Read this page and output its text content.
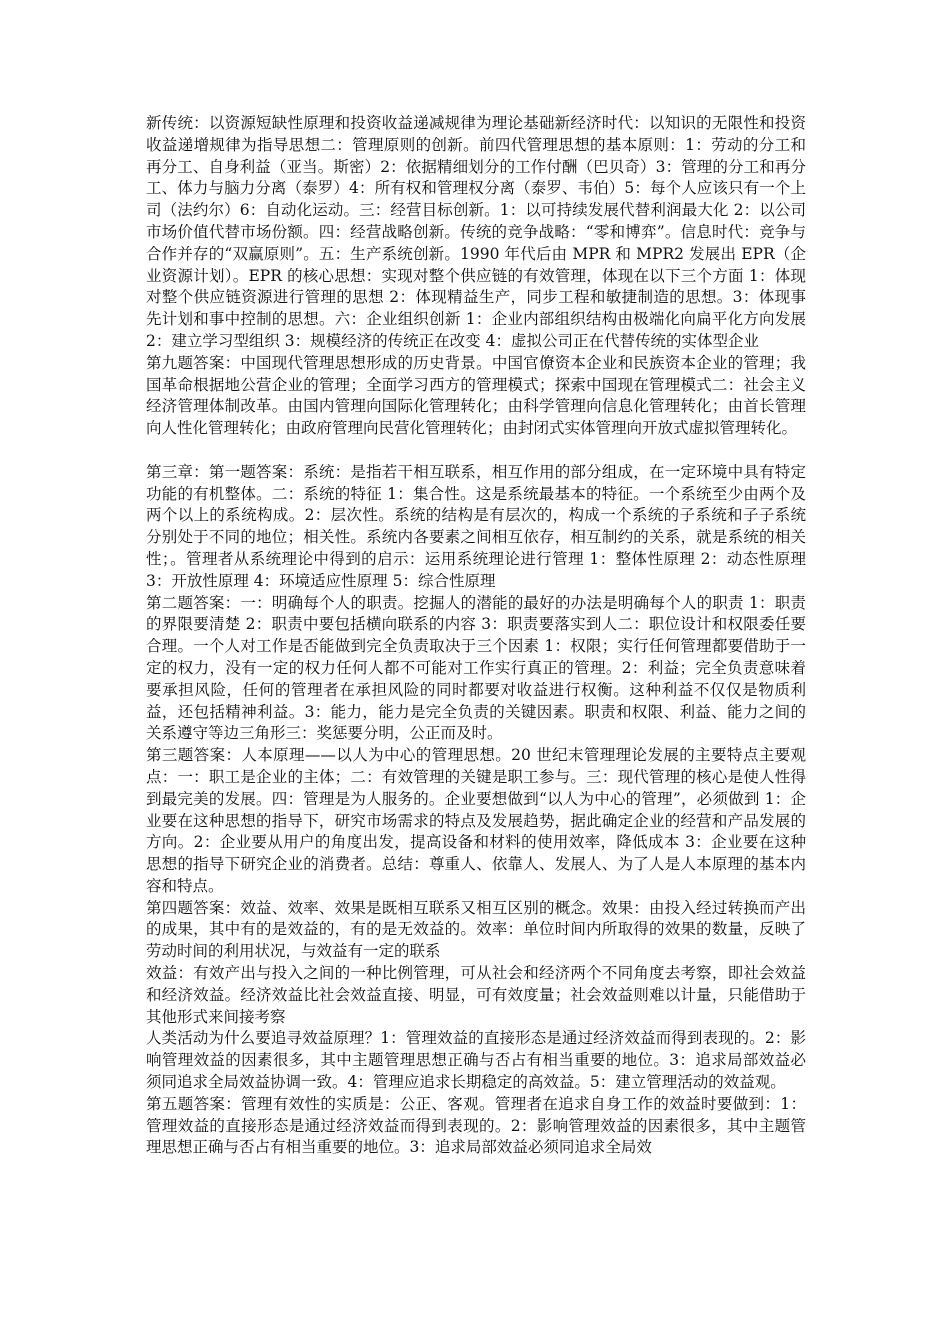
新传统：以资源短缺性原理和投资收益递减规律为理论基础新经济时代：以知识的无限性和投资收益递增规律为指导思想二：管理原则的创新。前四代管理思想的基本原则：1：劳动的分工和再分工、自身利益（亚当。斯密）2：依据精细划分的工作付酬（巴贝奇）3：管理的分工和再分工、体力与脑力分离（泰罗）4：所有权和管理权分离（泰罗、韦伯）5：每个人应该只有一个上司（法约尔）6：自动化运动。三：经营目标创新。1：以可持续发展代替利润最大化 2：以公司市场价值代替市场份额。四：经营战略创新。传统的竞争战略：“零和博弈”。信息时代：竞争与合作并存的“双赢原则”。五：生产系统创新。1990 年代后由 MPR 和 MPR2 发展出 EPR（企业资源计划）。EPR 的核心思想：实现对整个供应链的有效管理，体现在以下三个方面 1：体现对整个供应链资源进行管理的思想 2：体现精益生产，同步工程和敏捷制造的思想。3：体现事先计划和事中控制的思想。六：企业组织创新 1：企业内部组织结构由极端化向扁平化方向发展 2：建立学习型组织 3：规模经济的传统正在改变 4：虚拟公司正在代替传统的实体型企业

第九题答案：中国现代管理思想形成的历史背景。中国官僚资本企业和民族资本企业的管理；我国革命根据地公营企业的管理；全面学习西方的管理模式；探索中国现在管理模式二：社会主义经济管理体制改革。由国内管理向国际化管理转化；由科学管理向信息化管理转化；由首长管理向人性化管理转化；由政府管理向民营化管理转化；由封闭式实体管理向开放式虚拟管理转化。

第三章：第一题答案：系统：是指若干相互联系，相互作用的部分组成，在一定环境中具有特定功能的有机整体。二：系统的特征 1：集合性。这是系统最基本的特征。一个系统至少由两个及两个以上的系统构成。2：层次性。系统的结构是有层次的，构成一个系统的子系统和子子系统分别处于不同的地位；相关性。系统内各要素之间相互依存，相互制约的关系，就是系统的相关性；。管理者从系统理论中得到的启示：运用系统理论进行管理 1：整体性原理 2：动态性原理 3：开放性原理 4：环境适应性原理 5：综合性原理

第二题答案：一：明确每个人的职责。挖掘人的潜能的最好的办法是明确每个人的职责 1：职责的界限要清楚 2：职责中要包括横向联系的内容 3：职责要落实到人二：职位设计和权限委任要合理。一个人对工作是否能做到完全负责取决于三个因素 1：权限；实行任何管理都要借助于一定的权力，没有一定的权力任何人都不可能对工作实行真正的管理。2：利益；完全负责意味着要承担风险，任何的管理者在承担风险的同时都要对收益进行权衡。这种利益不仅仅是物质利益，还包括精神利益。3：能力，能力是完全负责的关键因素。职责和权限、利益、能力之间的关系遵守等边三角形三：奖惩要分明，公正而及时。

第三题答案：人本原理——以人为中心的管理思想。20 世纪末管理理论发展的主要特点主要观点：一：职工是企业的主体；二：有效管理的关键是职工参与。三：现代管理的核心是使人性得到最完美的发展。四：管理是为人服务的。企业要想做到“以人为中心的管理”，必须做到 1：企业要在这种思想的指导下，研究市场需求的特点及发展趋势，据此确定企业的经营和产品发展的方向。2：企业要从用户的角度出发，提高设备和材料的使用效率，降低成本 3：企业要在这种思想的指导下研究企业的消费者。总结：尊重人、依靠人、发展人、为了人是人本原理的基本内容和特点。

第四题答案：效益、效率、效果是既相互联系又相互区别的概念。效果：由投入经过转换而产出的成果，其中有的是效益的，有的是无效益的。效率：单位时间内所取得的效果的数量，反映了劳动时间的利用状况，与效益有一定的联系

效益：有效产出与投入之间的一种比例管理，可从社会和经济两个不同角度去考察，即社会效益和经济效益。经济效益比社会效益直接、明显，可有效度量；社会效益则难以计量，只能借助于其他形式来间接考察

人类活动为什么要追寻效益原理？1：管理效益的直接形态是通过经济效益而得到表现的。2：影响管理效益的因素很多，其中主题管理思想正确与否占有相当重要的地位。3：追求局部效益必须同追求全局效益协调一致。4：管理应追求长期稳定的高效益。5：建立管理活动的效益观。

第五题答案：管理有效性的实质是：公正、客观。管理者在追求自身工作的效益时要做到：1：管理效益的直接形态是通过经济效益而得到表现的。2：影响管理效益的因素很多，其中主题管理思想正确与否占有相当重要的地位。3：追求局部效益必须同追求全局效
